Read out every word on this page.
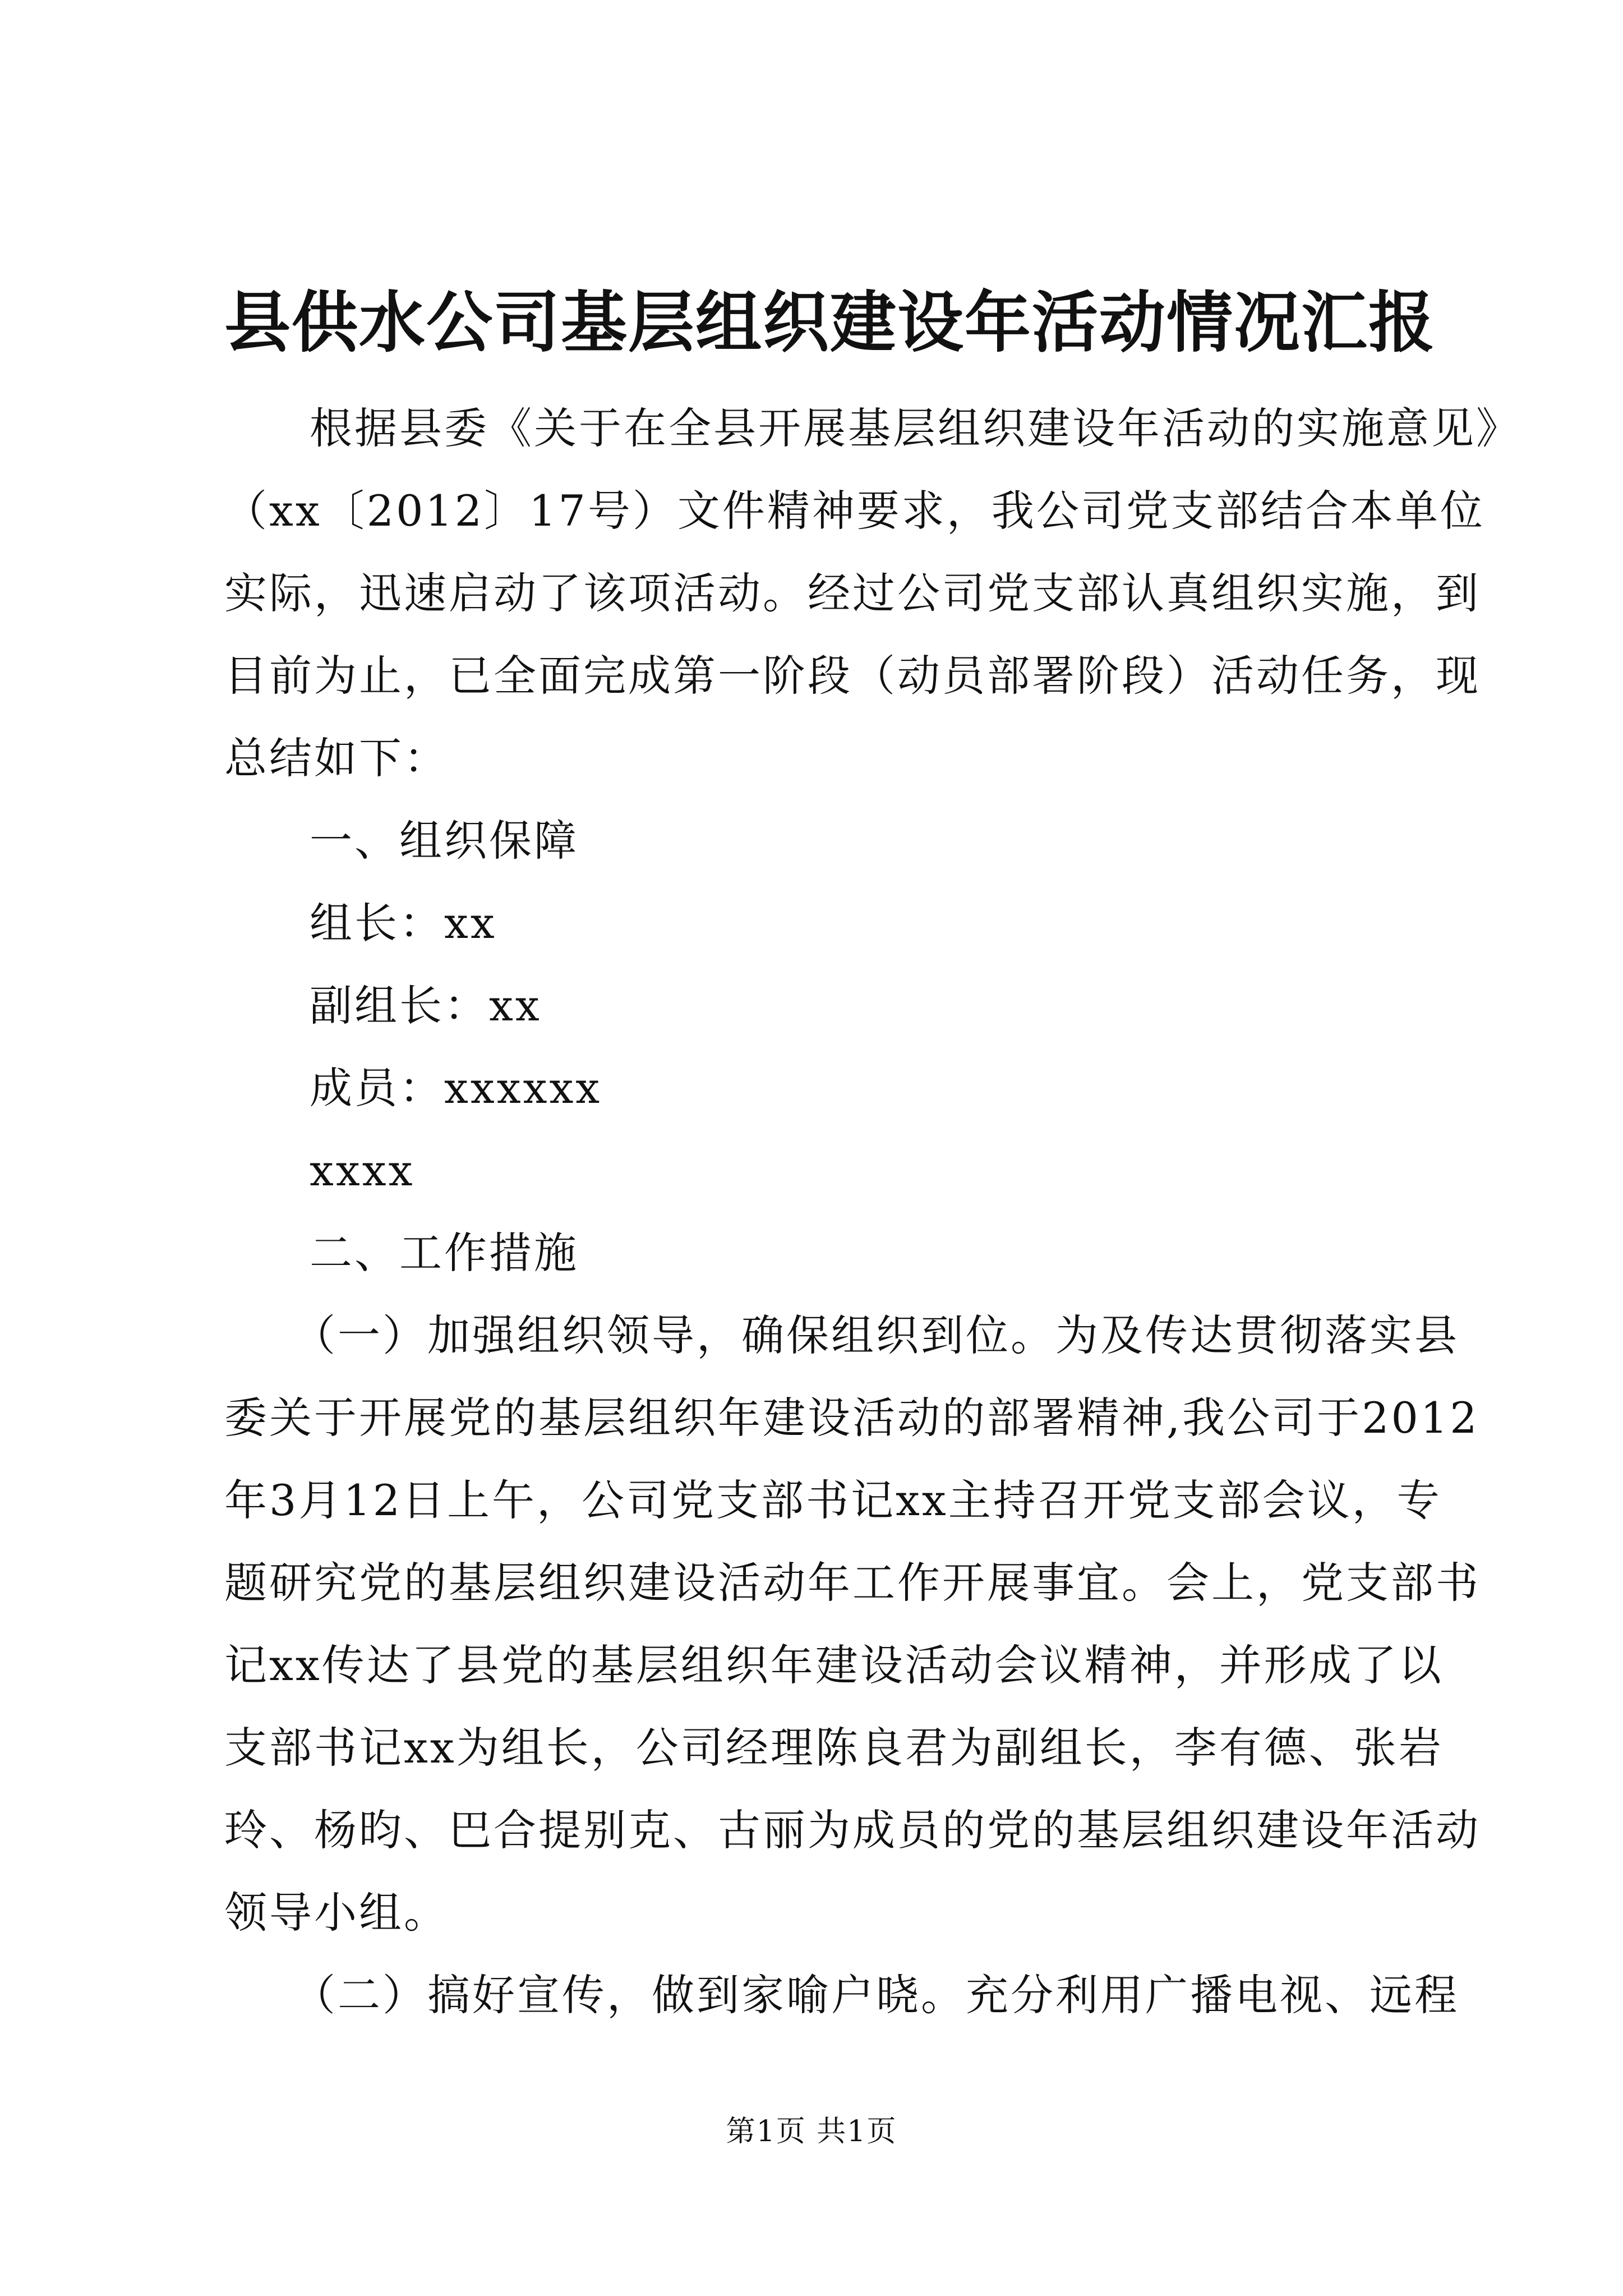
县供水公司基层组织建设年活动情况汇报
根据县委《关于在全县开展基层组织建设年活动的实施意见》
（xx〔2012〕17号）文件精神要求，我公司党支部结合本单位
实际，迅速启动了该项活动。经过公司党支部认真组织实施，到
目前为止，已全面完成第一阶段（动员部署阶段）活动任务，现
总结如下：
一、组织保障
组长：xx
副组长：xx
成员：xxxxxx
xxxx
二、工作措施
（一）加强组织领导，确保组织到位。为及传达贯彻落实县
委关于开展党的基层组织年建设活动的部署精神,我公司于2012
年3月12日上午，公司党支部书记xx主持召开党支部会议，专
题研究党的基层组织建设活动年工作开展事宜。会上，党支部书
记xx传达了县党的基层组织年建设活动会议精神，并形成了以
支部书记xx为组长，公司经理陈良君为副组长，李有德、张岩
玲、杨昀、巴合提别克、古丽为成员的党的基层组织建设年活动
领导小组。
（二）搞好宣传，做到家喻户晓。充分利用广播电视、远程
第1页 共1页
